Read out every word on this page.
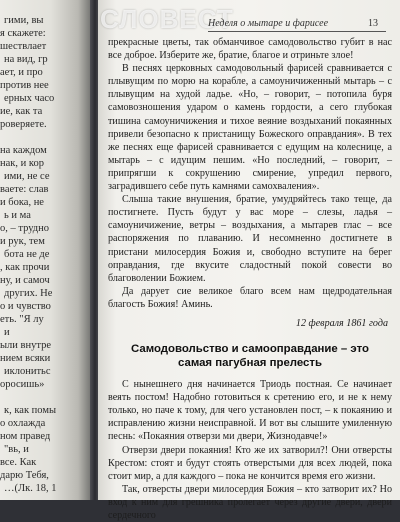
гими, вы
я скажете:
шествлает
на вид, гр
ает, и про
против нее
ерных часо
ие, как та
роверяете.
на каждом
нак, и кор
ими, не се
ваете: слав
и бока, не
ь и ма
о, – трудно
и рук, тем
бота не де
, как прочи
ну, и самоч
другиx. Не
о и чувство
еть. "Я лу
и
ыли внутре
нием всяки
иклонитьс
оросишь»
к, как помы
о охлажда
ном правед
"вь, и
все. Как
дарю Тебя,
…(Лк. 18, 1
СЛОВЕСТ
Неделя о мытаре и фарисее	13

прекрасные цветы, так обманчивое самодовольство губит в нас все доброе. Изберите же, братие, благое и отриньте злое!

В песнях церковных самодовольный фарисей сравнивается с плывущим по морю на корабле, а самоуничиженный мытарь – с плывущим на худой ладье. «Но, – говорит, – потопила буря самовозношения ударом о камень гордости, а сего глубокая тишина самоуничижения и тихое веяние воздыханий покаянных привели безопасно к пристанищу Божеского оправдания». В тех же песнях еще фарисей сравнивается с едущим на колеснице, а мытарь – с идущим пешим. «Но последний, – говорит, – припрягши к сокрушению смирение, упредил первого, заградившего себе путь камнями самохваления».

Слыша такие внушения, братие, умудряйтесь тако теще, да постигнете. Пусть будут у вас море – слезы, ладья – самоуничижение, ветры – воздыхания, а мытарев глас – все распоряжения по плаванию. И несомненно достигнете в пристани милосердия Божия и, свободно вступите на берег оправдания, где вкусите сладостный покой совести во благоволении Божием.

Да дарует сие великое благо всем нам щедродательная благость Божия! Аминь.

12 февраля 1861 года

Самодовольство и самооправдание – это самая пагубная прелесть

С нынешнего дня начинается Триодь постная. Се начинает веять постом! Надобно готовиться к сретению его, и не к нему только, но паче к тому, для чего установлен пост, – к покаянию и исправлению жизни неисправной. И вот вы слышите умиленную песнь: «Покаяния отверзи ми двери, Жизнодавче!»

Отверзи двери покаяния! Кто же их затворил?! Они отверсты Крестом: стоят и будут стоять отверстыми для всех людей, пока стоит мир, а для каждого – пока не кончится время его жизни.

Так, отверсты двери милосердия Божия – кто затворит их? Но вход к ним для грешника пролегает через другие двери, двери сердечного
